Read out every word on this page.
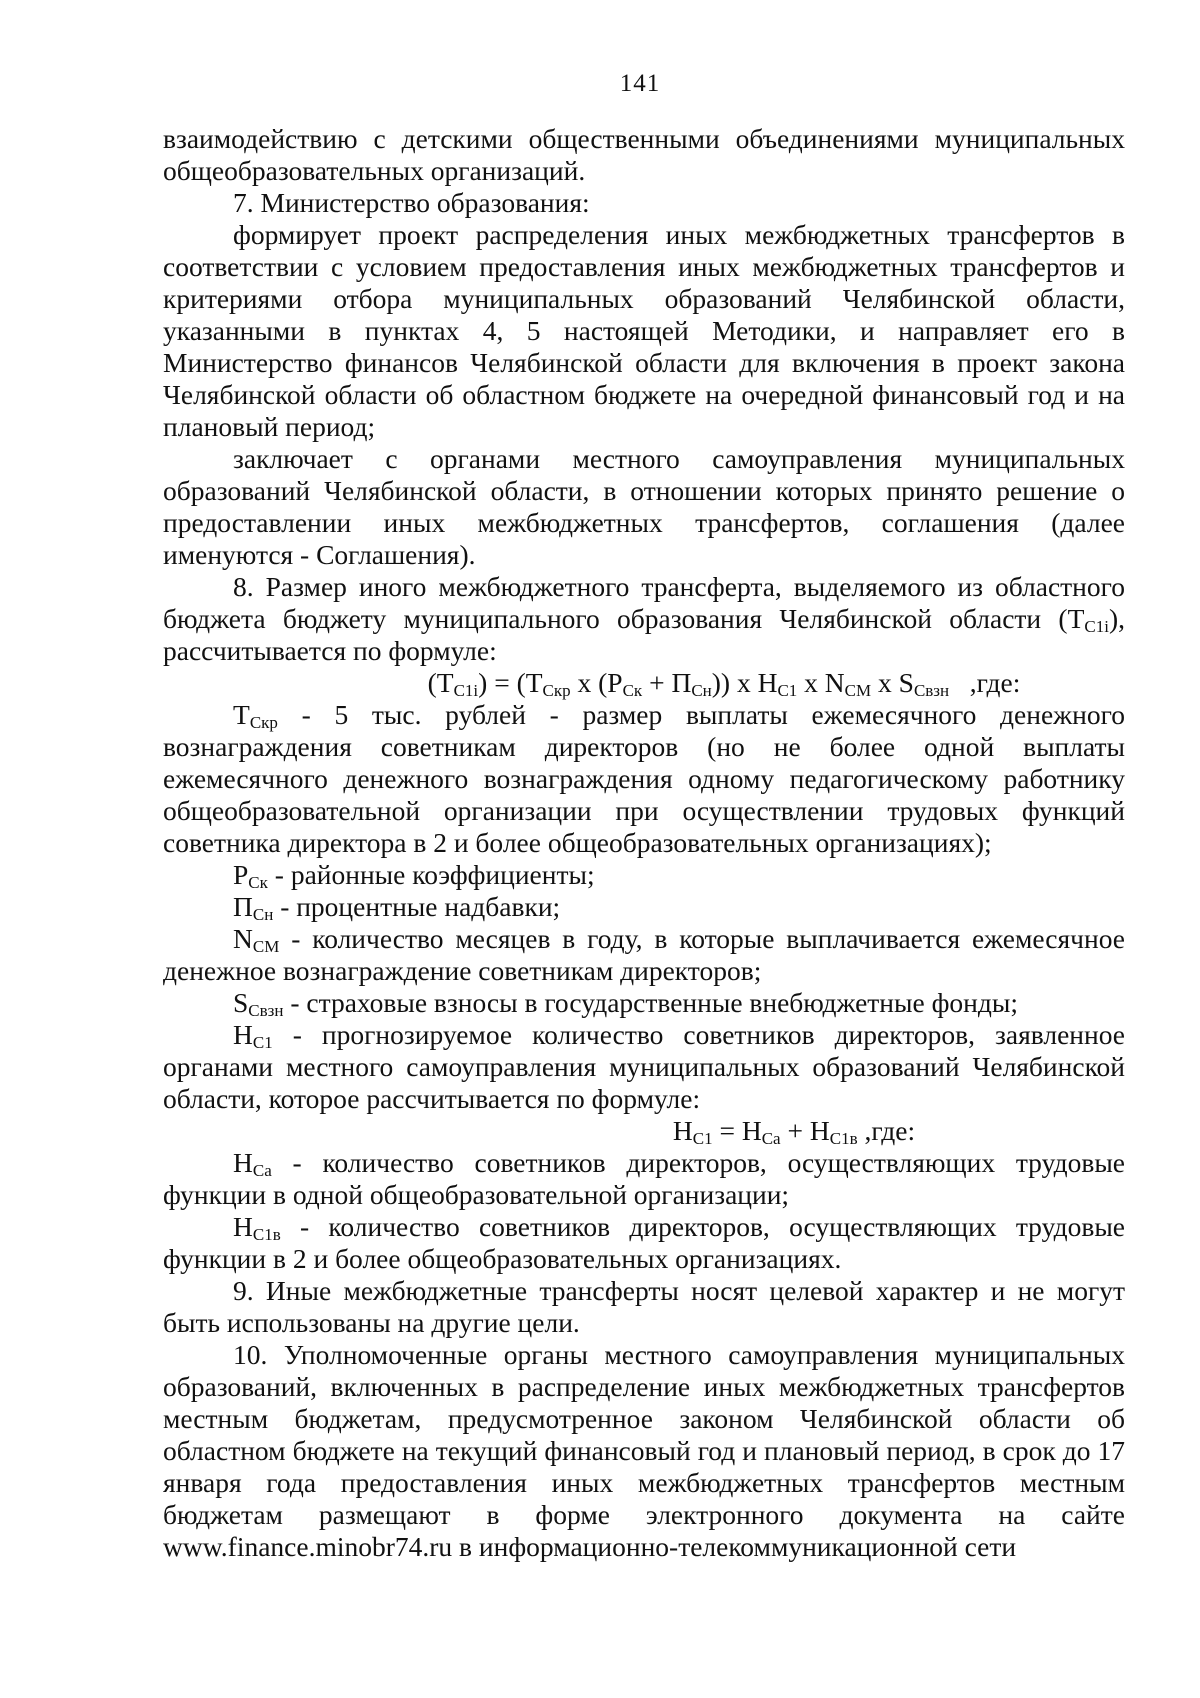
141

взаимодействию с детскими общественными объединениями муниципальных общеобразовательных организаций.

7. Министерство образования:

формирует проект распределения иных межбюджетных трансфертов в соответствии с условием предоставления иных межбюджетных трансфертов и критериями отбора муниципальных образований Челябинской области, указанными в пунктах 4, 5 настоящей Методики, и направляет его в Министерство финансов Челябинской области для включения в проект закона Челябинской области об областном бюджете на очередной финансовый год и на плановый период;

заключает с органами местного самоуправления муниципальных образований Челябинской области, в отношении которых принято решение о предоставлении иных межбюджетных трансфертов, соглашения (далее именуются - Соглашения).

8. Размер иного межбюджетного трансферта, выделяемого из областного бюджета бюджету муниципального образования Челябинской области $(Т_{C1i})$, рассчитывается по формуле:

$(Т_{C1i}) = (Т_{Скр}$ х $(Р_{Ск} + П_{Сн})$) х $Н_{C1}$ х $N_{CM}$ х $S_{Cвзн}$   ,где:

$Т_{Скр} - 5$ тыс. рублей - размер выплаты ежемесячного денежного вознаграждения советникам директоров (но не более одной выплаты ежемесячного денежного вознаграждения одному педагогическому работнику общеобразовательной организации при осуществлении трудовых функций советника директора в 2 и более общеобразовательных организациях);

$Р_{Ск}$ - районные коэффициенты;

$П_{Сн}$ - процентные надбавки;

$N_{CM}$ - количество месяцев в году, в которые выплачивается ежемесячное денежное вознаграждение советникам директоров;

$S_{Cвзн}$ - страховые взносы в государственные внебюджетные фонды;

$Н_{C1}$ - прогнозируемое количество советников директоров, заявленное органами местного самоуправления муниципальных образований Челябинской области, которое рассчитывается по формуле:

$Н_{C1} = Н_{Ca} + Н_{C1в}$ ,где:

$Н_{Ca}$ - количество советников директоров, осуществляющих трудовые функции в одной общеобразовательной организации;

$Н_{C1в}$ - количество советников директоров, осуществляющих трудовые функции в 2 и более общеобразовательных организациях.

9. Иные межбюджетные трансферты носят целевой характер и не могут быть использованы на другие цели.

10. Уполномоченные органы местного самоуправления муниципальных образований, включенных в распределение иных межбюджетных трансфертов местным бюджетам, предусмотренное законом Челябинской области об областном бюджете на текущий финансовый год и плановый период, в срок до 17 января года предоставления иных межбюджетных трансфертов местным бюджетам размещают в форме электронного документа на сайте www.finance.minobr74.ru в информационно-телекоммуникационной сети
